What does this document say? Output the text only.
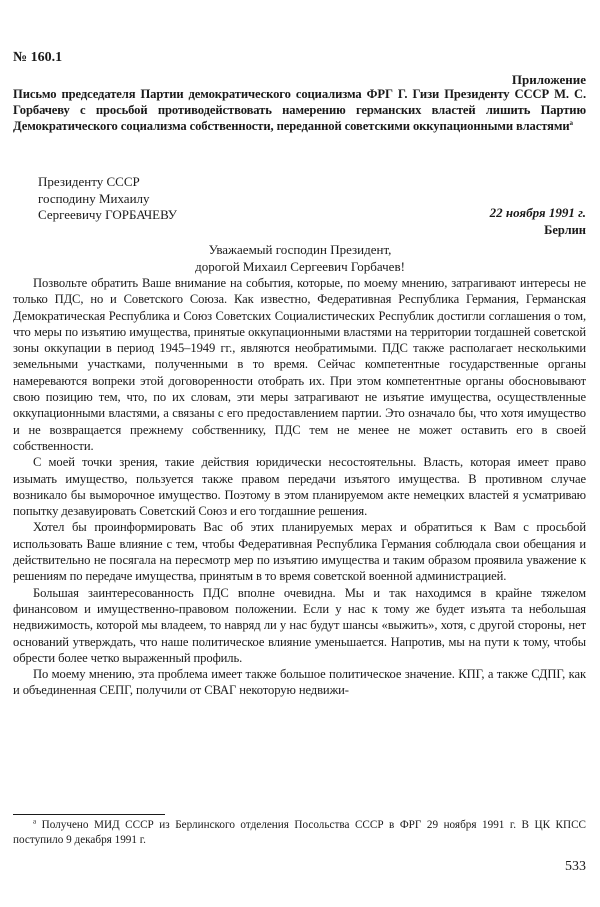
№ 160.1
Приложение
Письмо председателя Партии демократического социализма ФРГ Г. Гизи Президенту СССР М. С. Горбачеву с просьбой противодействовать намерению германских властей лишить Партию Демократического социализма собственности, переданной советскими оккупационными властями$^а$
Президенту СССР
господину Михаилу
Сергеевичу ГОРБАЧЕВУ	22 ноября 1991 г.
Берлин
Уважаемый господин Президент,
дорогой Михаил Сергеевич Горбачев!

Позвольте обратить Ваше внимание на события, которые, по моему мнению, затрагивают интересы не только ПДС, но и Советского Союза. Как известно, Федеративная Республика Германия, Германская Демократическая Республика и Союз Советских Социалистических Республик достигли соглашения о том, что меры по изъятию имущества, принятые оккупационными властями на территории тогдашней советской зоны оккупации в период 1945–1949 гг., являются необратимыми. ПДС также располагает несколькими земельными участками, полученными в то время. Сейчас компетентные государственные органы намереваются вопреки этой договоренности отобрать их. При этом компетентные органы обосновывают свою позицию тем, что, по их словам, эти меры затрагивают не изъятие имущества, осуществленные оккупационными властями, а связаны с его предоставлением партии. Это означало бы, что хотя имущество и не возвращается прежнему собственнику, ПДС тем не менее не может оставить его в своей собственности.

С моей точки зрения, такие действия юридически несостоятельны. Власть, которая имеет право изымать имущество, пользуется также правом передачи изъятого имущества. В противном случае возникало бы выморочное имущество. Поэтому в этом планируемом акте немецких властей я усматриваю попытку дезавуировать Советский Союз и его тогдашние решения.

Хотел бы проинформировать Вас об этих планируемых мерах и обратиться к Вам с просьбой использовать Ваше влияние с тем, чтобы Федеративная Республика Германия соблюдала свои обещания и действительно не посягала на пересмотр мер по изъятию имущества и таким образом проявила уважение к решениям по передаче имущества, принятым в то время советской военной администрацией.

Большая заинтересованность ПДС вполне очевидна. Мы и так находимся в крайне тяжелом финансовом и имущественно-правовом положении. Если у нас к тому же будет изъята та небольшая недвижимость, которой мы владеем, то навряд ли у нас будут шансы «выжить», хотя, с другой стороны, нет оснований утверждать, что наше политическое влияние уменьшается. Напротив, мы на пути к тому, чтобы обрести более четко выраженный профиль.

По моему мнению, эта проблема имеет также большое политическое значение. КПГ, а также СДПГ, как и объединенная СЕПГ, получили от СВАГ некоторую недвижи-

$^а$ Получено МИД СССР из Берлинского отделения Посольства СССР в ФРГ 29 ноября 1991 г. В ЦК КПСС поступило 9 декабря 1991 г.
533
